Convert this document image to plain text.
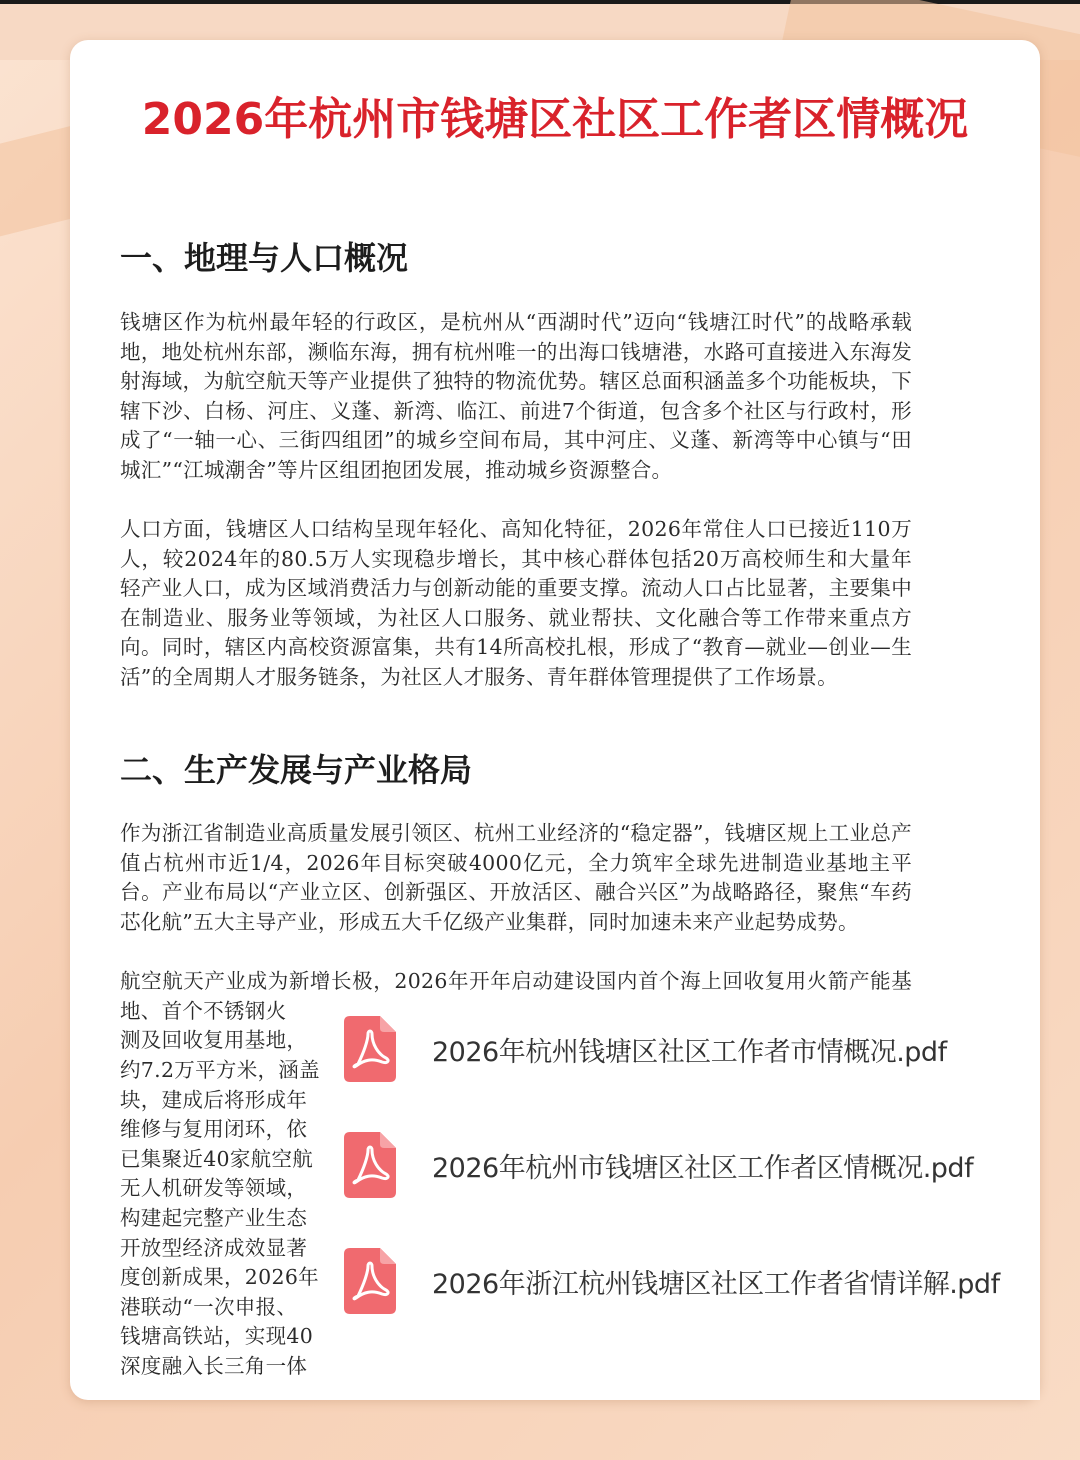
2026年杭州市钱塘区社区工作者区情概况
一、地理与人口概况

钱塘区作为杭州最年轻的行政区，是杭州从“西湖时代”迈向“钱塘江时代”的战略承载地，地处杭州东部，濒临东海，拥有杭州唯一的出海口钱塘港，水路可直接进入东海发射海域，为航空航天等产业提供了独特的物流优势。辖区总面积涵盖多个功能板块，下辖下沙、白杨、河庄、义蓬、新湾、临江、前进7个街道，包含多个社区与行政村，形成了“一轴一心、三街四组团”的城乡空间布局，其中河庄、义蓬、新湾等中心镇与“田城汇”“江城潮舍”等片区组团抱团发展，推动城乡资源整合。

人口方面，钱塘区人口结构呈现年轻化、高知化特征，2026年常住人口已接近110万人，较2024年的80.5万人实现稳步增长，其中核心群体包括20万高校师生和大量年轻产业人口，成为区域消费活力与创新动能的重要支撑。流动人口占比显著，主要集中在制造业、服务业等领域，为社区人口服务、就业帮扶、文化融合等工作带来重点方向。同时，辖区内高校资源富集，共有14所高校扎根，形成了“教育—就业—创业—生活”的全周期人才服务链条，为社区人才服务、青年群体管理提供了工作场景。

二、生产发展与产业格局

作为浙江省制造业高质量发展引领区、杭州工业经济的“稳定器”，钱塘区规上工业总产值占杭州市近1/4，2026年目标突破4000亿元，全力筑牢全球先进制造业基地主平台。产业布局以“产业立区、创新强区、开放活区、融合兴区”为战略路径，聚焦“车药芯化航”五大主导产业，形成五大千亿级产业集群，同时加速未来产业起势成势。

航空航天产业成为新增长极，2026年开年启动建设国内首个海上回收复用火箭产能基地、首个不锈钢火

测及回收复用基地，

约7.2万平方米，涵盖

块，建成后将形成年

维修与复用闭环，依

已集聚近40家航空航

无人机研发等领域，

构建起完整产业生态

开放型经济成效显著

度创新成果，2026年

港联动“一次申报、

钱塘高铁站，实现40

深度融入长三角一体

2026年杭州钱塘区社区工作者市情概况.pdf
2026年杭州市钱塘区社区工作者区情概况.pdf
2026年浙江杭州钱塘区社区工作者省情详解.pdf
